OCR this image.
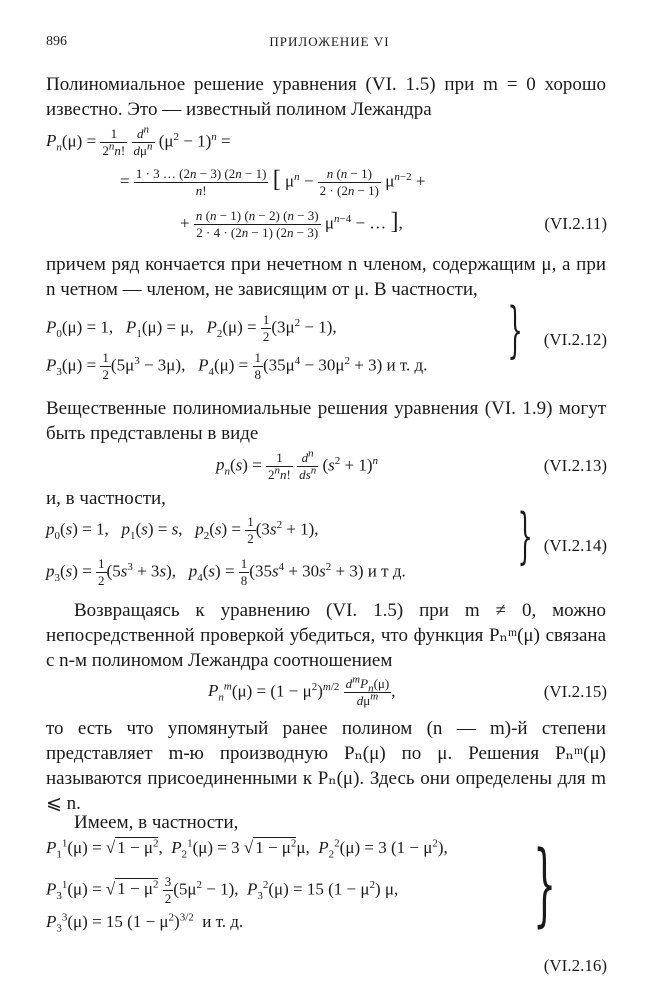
896	ПРИЛОЖЕНИЕ VI
Полиномиальное решение уравнения (VI. 1.5) при m = 0 хорошо известно. Это — известный полином Лежандра
$P_n(\mu) = \frac{1}{2^nn!}$
$\frac{d^n}{d\mu^n} (\mu^2 - 1)^n$ =
= $\frac{1 \cdot 3 \dots (2n - 3) (2n - 1)}{n!}$ [ $\mu^n - \frac{n (n - 1)}{2 \cdot (2n - 1)} \mu^{n-2}$ +
+ $\frac{n (n - 1) (n - 2) (n - 3)}{2 \cdot 4 \cdot (2n - 1) (2n - 3)} \mu^{n-4}$ − … ],	(VI.2.11)
причем ряд кончается при нечетном n членом, содержащим μ, а при n четном — членом, не зависящим от μ. В частности,
$P_0(\mu) = 1$,   $P_1(\mu) = \mu$,   $P_2(\mu) = \frac{1}{2} (3\mu^2 - 1)$,
$P_3(\mu) = \frac{1}{2} (5\mu^3 - 3\mu)$,   $P_4(\mu) = \frac{1}{8} (35\mu^4 - 30\mu^2 + 3)$ и т. д. } (VI.2.12)
Вещественные полиномиальные решения уравнения (VI. 1.9) могут быть представлены в виде
$p_n(s) = \frac{1}{2^nn!}$
$\frac{d^n}{ds^n} (s^2 + 1)^n$	(VI.2.13)
и, в частности,
$p_0(s) = 1$,   $p_1(s) = s$,   $p_2(s) = \frac{1}{2} (3s^2 + 1)$,
$p_3(s) = \frac{1}{2} (5s^3 + 3s)$,   $p_4(s) = \frac{1}{8} (35s^4 + 30s^2 + 3)$ и т д. } (VI.2.14)
Возвращаясь к уравнению (VI. 1.5) при m ≠ 0, можно непосредственной проверкой убедиться, что функция Pₙᵐ(μ) связана с n-м полиномом Лежандра соотношением
$P_n^m(\mu) = (1 - \mu^2)^{m/2} \frac{d^mP_n(\mu)}{d\mu^m}$ ,	(VI.2.15)
то есть что упомянутый ранее полином (n — m)-й степени представляет m-ю производную Pₙ(μ) по μ. Решения Pₙᵐ(μ) называются присоединенными к Pₙ(μ). Здесь они определены для m ⩽ n.
Имеем, в частности,
$P_1^1(\mu)$ = √ $1 - \mu^2$,  $P_2^1(\mu) = 3$ √ $1 - \mu^2\mu$,  $P_2^2(\mu) = 3$ $(1 - \mu^2)$,
$P_3^1(\mu)$ = √ $1 - \mu^2 \frac{3}{2} (5\mu^2 - 1)$,  $P_3^2(\mu) = 15$ $(1 - \mu^2)$ μ,
$P_3^3(\mu) = 15$ $(1 - \mu^2)^{3/2}$ и т. д.	}
(VI.2.16)
